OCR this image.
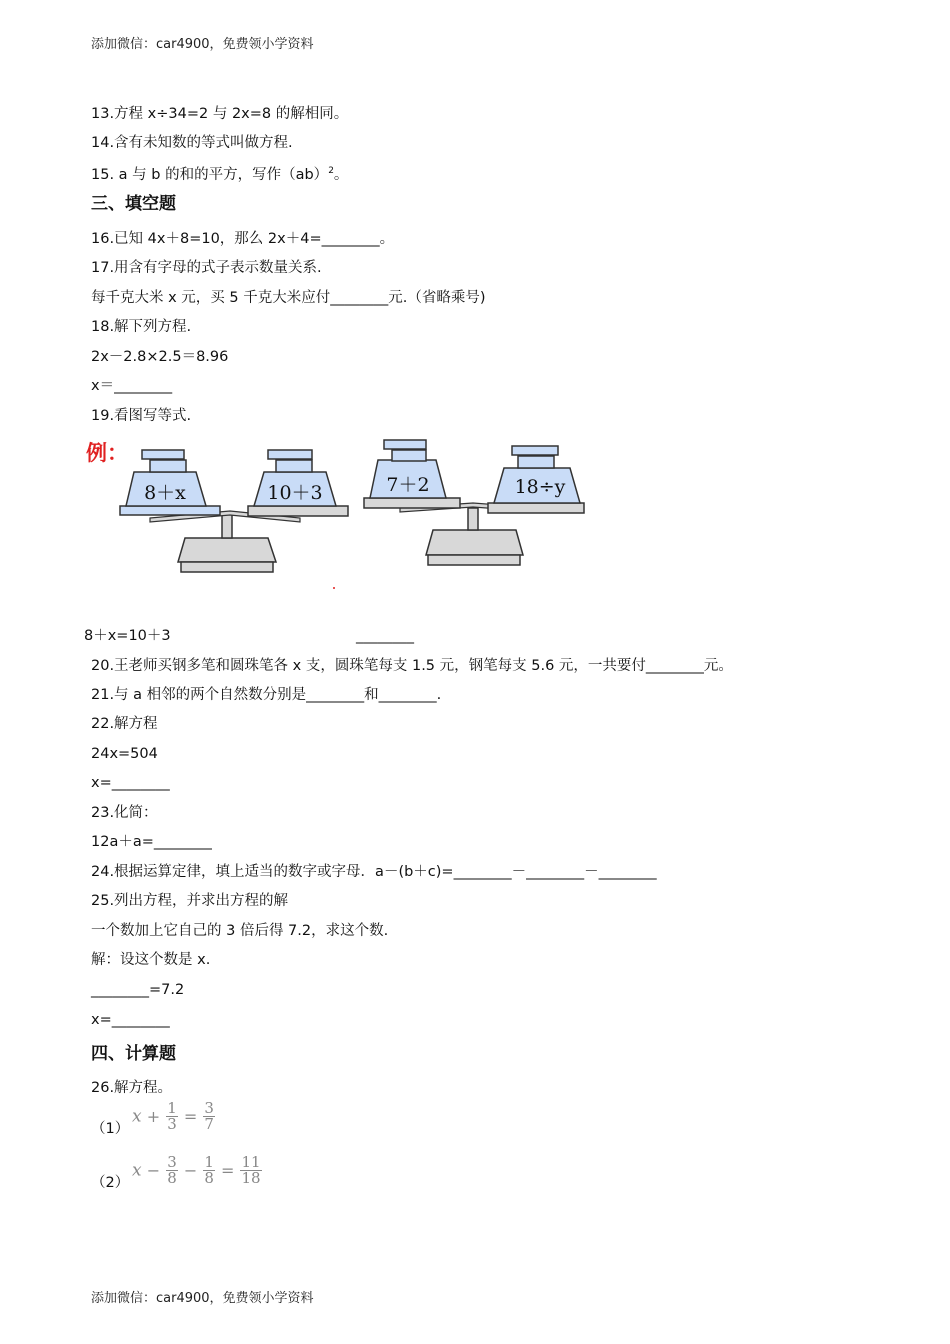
添加微信：car4900，免费领小学资料
13.方程 x÷34=2 与 2x=8 的解相同。
14.含有未知数的等式叫做方程.
15. a 与 b 的和的平方，写作（ab）$^2$。
三、填空题
16.已知 4x＋8=10，那么 2x＋4=________。
17.用含有字母的式子表示数量关系.
每千克大米 x 元，买 5 千克大米应付________元.（省略乘号)
18.解下列方程.
2x－2.8×2.5＝8.96
x＝________
19.看图写等式.
例：
8＋x	10＋3	7＋2	18÷y
8＋x=10＋3	________
20.王老师买钢多笔和圆珠笔各 x 支，圆珠笔每支 1.5 元，钢笔每支 5.6 元，一共要付________元。
21.与 a 相邻的两个自然数分别是________和________.
22.解方程
24x=504
x=________
23.化简：
12a＋a=________
24.根据运算定律，填上适当的数字或字母．a－(b＋c)=________－________－________
25.列出方程，并求出方程的解
一个数加上它自己的 3 倍后得 7.2，求这个数.
解：设这个数是 x.
________=7.2
x=________
四、计算题
26.解方程。
（1）
$x + \frac{1}{3} = \frac{3}{7}$
（2）
$x - \frac{3}{8} - \frac{1}{8} = \frac{11}{18}$
添加微信：car4900，免费领小学资料
